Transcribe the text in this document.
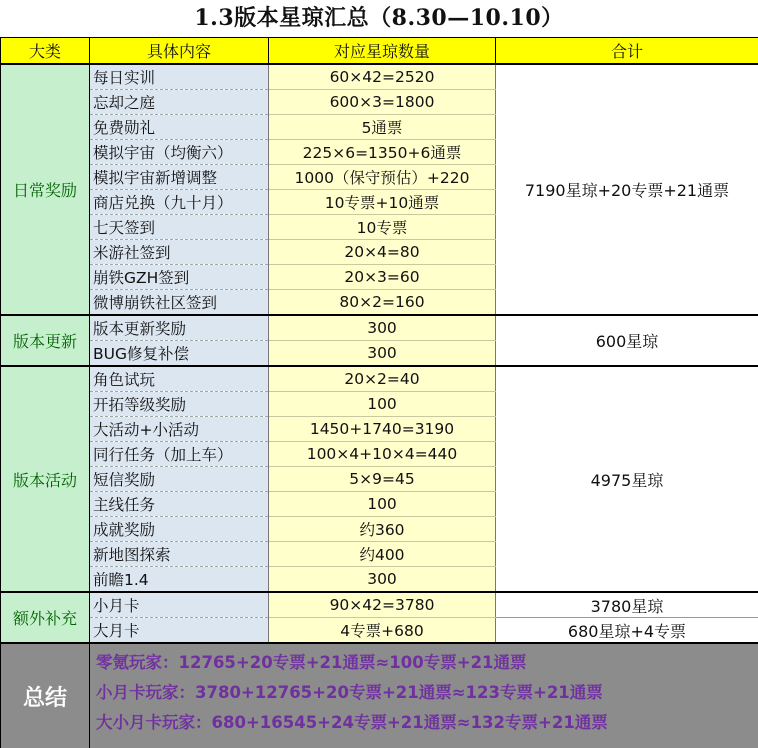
1.3版本星琼汇总（8.30—10.10）
大类	具体内容	对应星琼数量	合计
日常奖励	每日实训	60×42=2520	7190星琼+20专票+21通票
	忘却之庭	600×3=1800	
	免费勋礼	5通票	
	模拟宇宙（均衡六）	225×6=1350+6通票	
	模拟宇宙新增调整	1000（保守预估）+220	
	商店兑换（九十月）	10专票+10通票	
	七天签到	10专票	
	米游社签到	20×4=80	
	崩铁GZH签到	20×3=60	
	微博崩铁社区签到	80×2=160	
版本更新	版本更新奖励	300	600星琼
	BUG修复补偿	300	
版本活动	角色试玩	20×2=40	4975星琼
	开拓等级奖励	100	
	大活动+小活动	1450+1740=3190	
	同行任务（加上车）	100×4+10×4=440	
	短信奖励	5×9=45	
	主线任务	100	
	成就奖励	约360	
	新地图探索	约400	
	前瞻1.4	300	
额外补充	小月卡	90×42=3780	3780星琼
	大月卡	4专票+680	680星琼+4专票
总结	零氪玩家：12765+20专票+21通票≈100专票+21通票
小月卡玩家：3780+12765+20专票+21通票≈123专票+21通票
大小月卡玩家：680+16545+24专票+21通票≈132专票+21通票		
